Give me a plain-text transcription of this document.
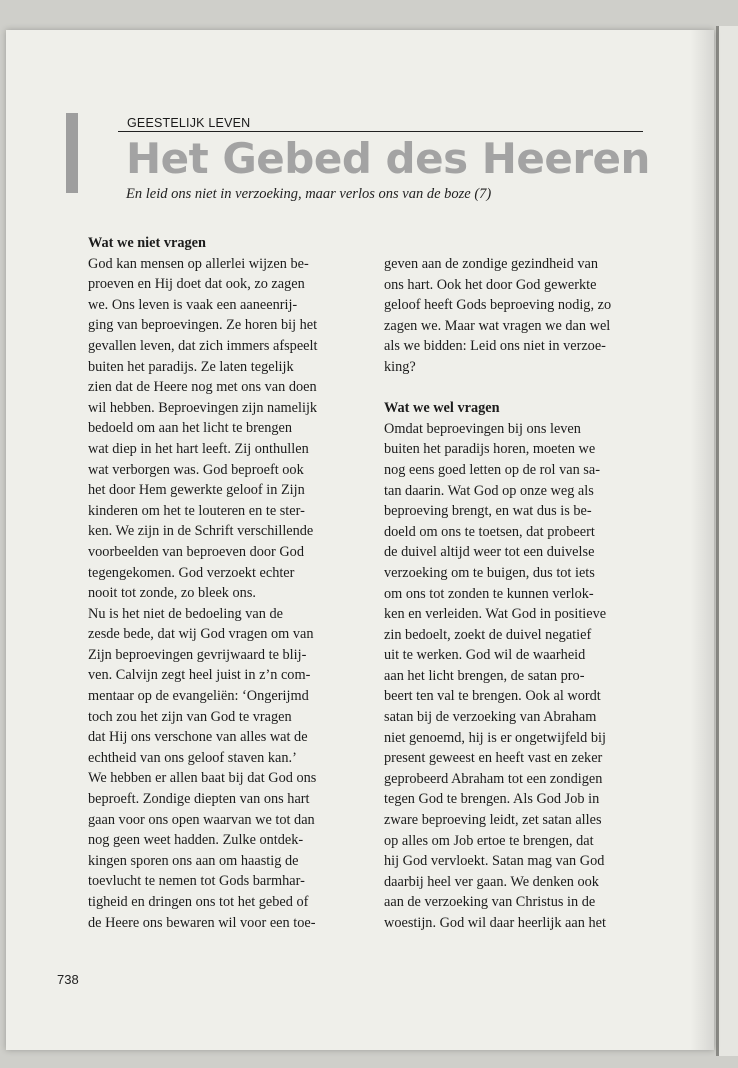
GEESTELIJK LEVEN
Het Gebed des Heeren
En leid ons niet in verzoeking, maar verlos ons van de boze (7)
Wat we niet vragen
God kan mensen op allerlei wijzen be-
proeven en Hij doet dat ook, zo zagen
we. Ons leven is vaak een aaneenrij-
ging van beproevingen. Ze horen bij het
gevallen leven, dat zich immers afspeelt
buiten het paradijs. Ze laten tegelijk
zien dat de Heere nog met ons van doen
wil hebben. Beproevingen zijn namelijk
bedoeld om aan het licht te brengen
wat diep in het hart leeft. Zij onthullen
wat verborgen was. God beproeft ook
het door Hem gewerkte geloof in Zijn
kinderen om het te louteren en te ster-
ken. We zijn in de Schrift verschillende
voorbeelden van beproeven door God
tegengekomen. God verzoekt echter
nooit tot zonde, zo bleek ons.
Nu is het niet de bedoeling van de
zesde bede, dat wij God vragen om van
Zijn beproevingen gevrijwaard te blij-
ven. Calvijn zegt heel juist in z’n com-
mentaar op de evangeliën: ‘Ongerijmd
toch zou het zijn van God te vragen
dat Hij ons verschone van alles wat de
echtheid van ons geloof staven kan.’
We hebben er allen baat bij dat God ons
beproeft. Zondige diepten van ons hart
gaan voor ons open waarvan we tot dan
nog geen weet hadden. Zulke ontdek-
kingen sporen ons aan om haastig de
toevlucht te nemen tot Gods barmhar-
tigheid en dringen ons tot het gebed of
de Heere ons bewaren wil voor een toe-
geven aan de zondige gezindheid van
ons hart. Ook het door God gewerkte
geloof heeft Gods beproeving nodig, zo
zagen we. Maar wat vragen we dan wel
als we bidden: Leid ons niet in verzoe-
king?
Wat we wel vragen
Omdat beproevingen bij ons leven
buiten het paradijs horen, moeten we
nog eens goed letten op de rol van sa-
tan daarin. Wat God op onze weg als
beproeving brengt, en wat dus is be-
doeld om ons te toetsen, dat probeert
de duivel altijd weer tot een duivelse
verzoeking om te buigen, dus tot iets
om ons tot zonden te kunnen verlok-
ken en verleiden. Wat God in positieve
zin bedoelt, zoekt de duivel negatief
uit te werken. God wil de waarheid
aan het licht brengen, de satan pro-
beert ten val te brengen. Ook al wordt
satan bij de verzoeking van Abraham
niet genoemd, hij is er ongetwijfeld bij
present geweest en heeft vast en zeker
geprobeerd Abraham tot een zondigen
tegen God te brengen. Als God Job in
zware beproeving leidt, zet satan alles
op alles om Job ertoe te brengen, dat
hij God vervloekt. Satan mag van God
daarbij heel ver gaan. We denken ook
aan de verzoeking van Christus in de
woestijn. God wil daar heerlijk aan het
738
